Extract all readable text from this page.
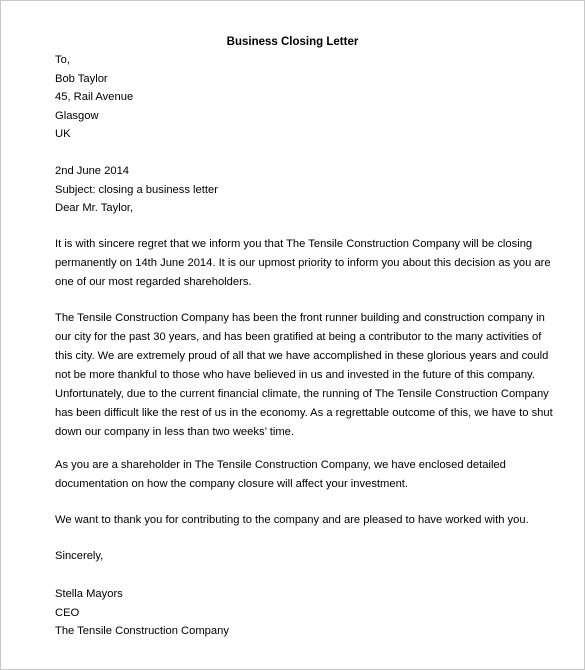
Business Closing Letter
To,
Bob Taylor
45, Rail Avenue
Glasgow
UK
2nd June 2014
Subject: closing a business letter
Dear Mr. Taylor,
It is with sincere regret that we inform you that The Tensile Construction Company will be closing
permanently on 14th June 2014. It is our upmost priority to inform you about this decision as you are
one of our most regarded shareholders.
The Tensile Construction Company has been the front runner building and construction company in
our city for the past 30 years, and has been gratified at being a contributor to the many activities of
this city. We are extremely proud of all that we have accomplished in these glorious years and could
not be more thankful to those who have believed in us and invested in the future of this company.
Unfortunately, due to the current financial climate, the running of The Tensile Construction Company
has been difficult like the rest of us in the economy. As a regrettable outcome of this, we have to shut
down our company in less than two weeks’ time.
As you are a shareholder in The Tensile Construction Company, we have enclosed detailed
documentation on how the company closure will affect your investment.
We want to thank you for contributing to the company and are pleased to have worked with you.
Sincerely,
Stella Mayors
CEO
The Tensile Construction Company
